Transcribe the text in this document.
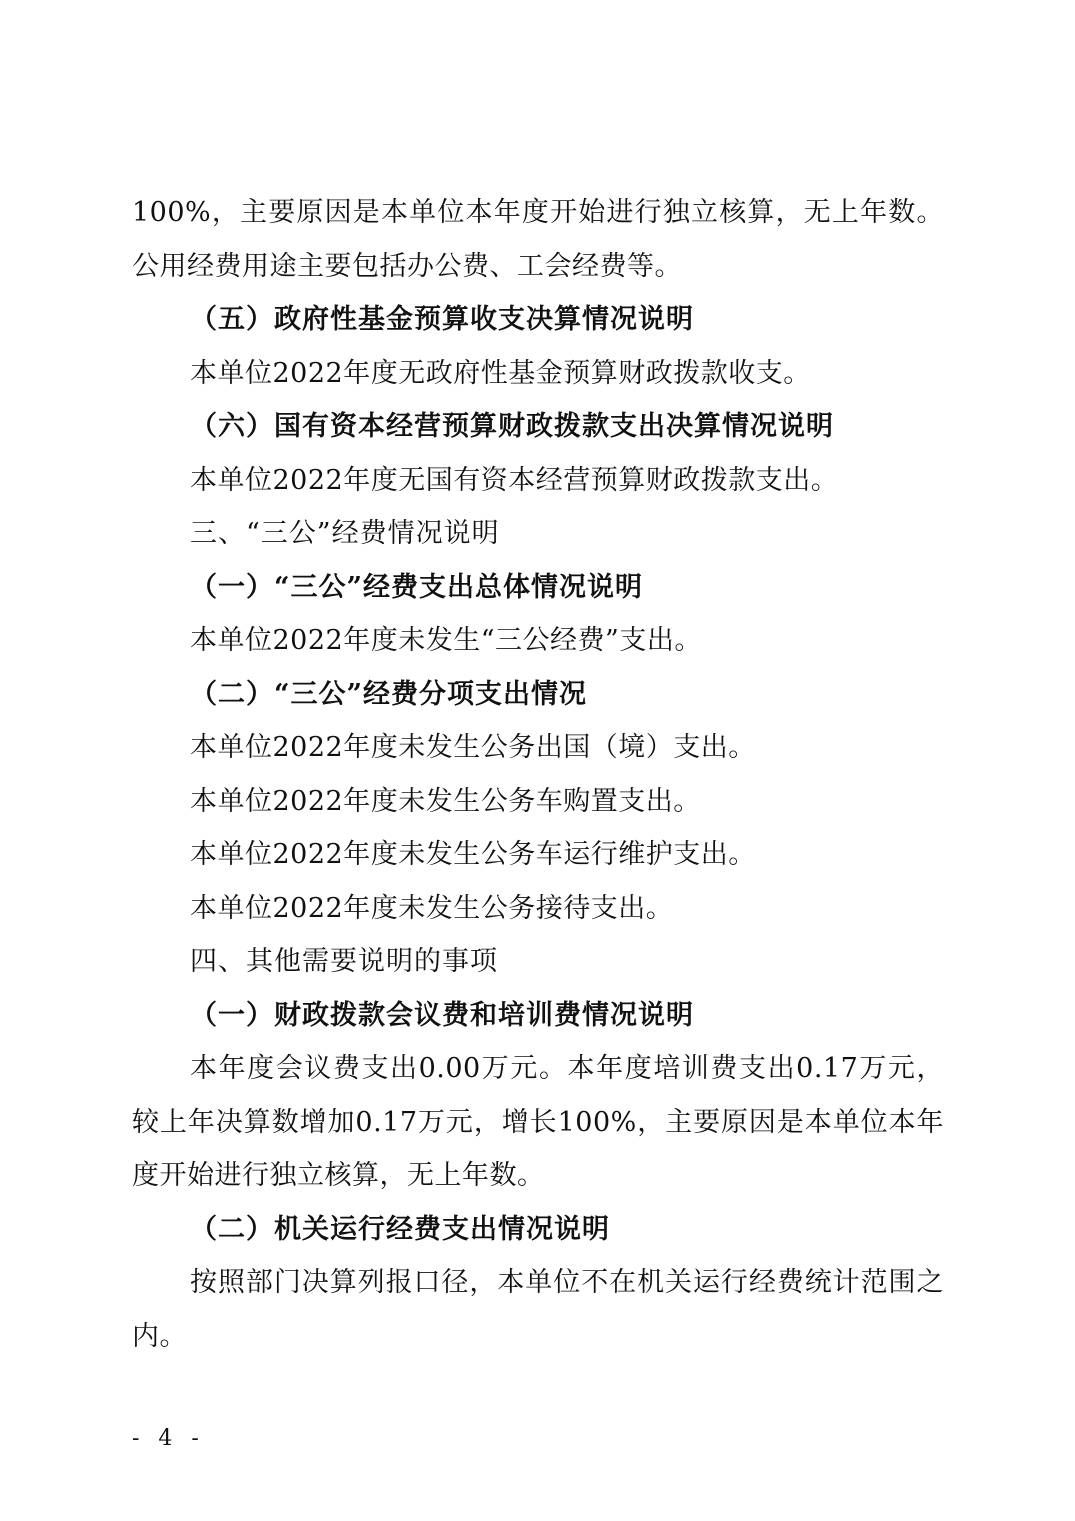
100%，主要原因是本单位本年度开始进行独立核算，无上年数。公用经费用途主要包括办公费、工会经费等。

（五）政府性基金预算收支决算情况说明

本单位2022年度无政府性基金预算财政拨款收支。

（六）国有资本经营预算财政拨款支出决算情况说明

本单位2022年度无国有资本经营预算财政拨款支出。

三、“三公”经费情况说明

（一）“三公”经费支出总体情况说明

本单位2022年度未发生“三公经费”支出。

（二）“三公”经费分项支出情况

本单位2022年度未发生公务出国（境）支出。

本单位2022年度未发生公务车购置支出。

本单位2022年度未发生公务车运行维护支出。

本单位2022年度未发生公务接待支出。

四、其他需要说明的事项

（一）财政拨款会议费和培训费情况说明

本年度会议费支出0.00万元。本年度培训费支出0.17万元，较上年决算数增加0.17万元，增长100%，主要原因是本单位本年度开始进行独立核算，无上年数。

（二）机关运行经费支出情况说明

按照部门决算列报口径，本单位不在机关运行经费统计范围之内。

- 4 -
